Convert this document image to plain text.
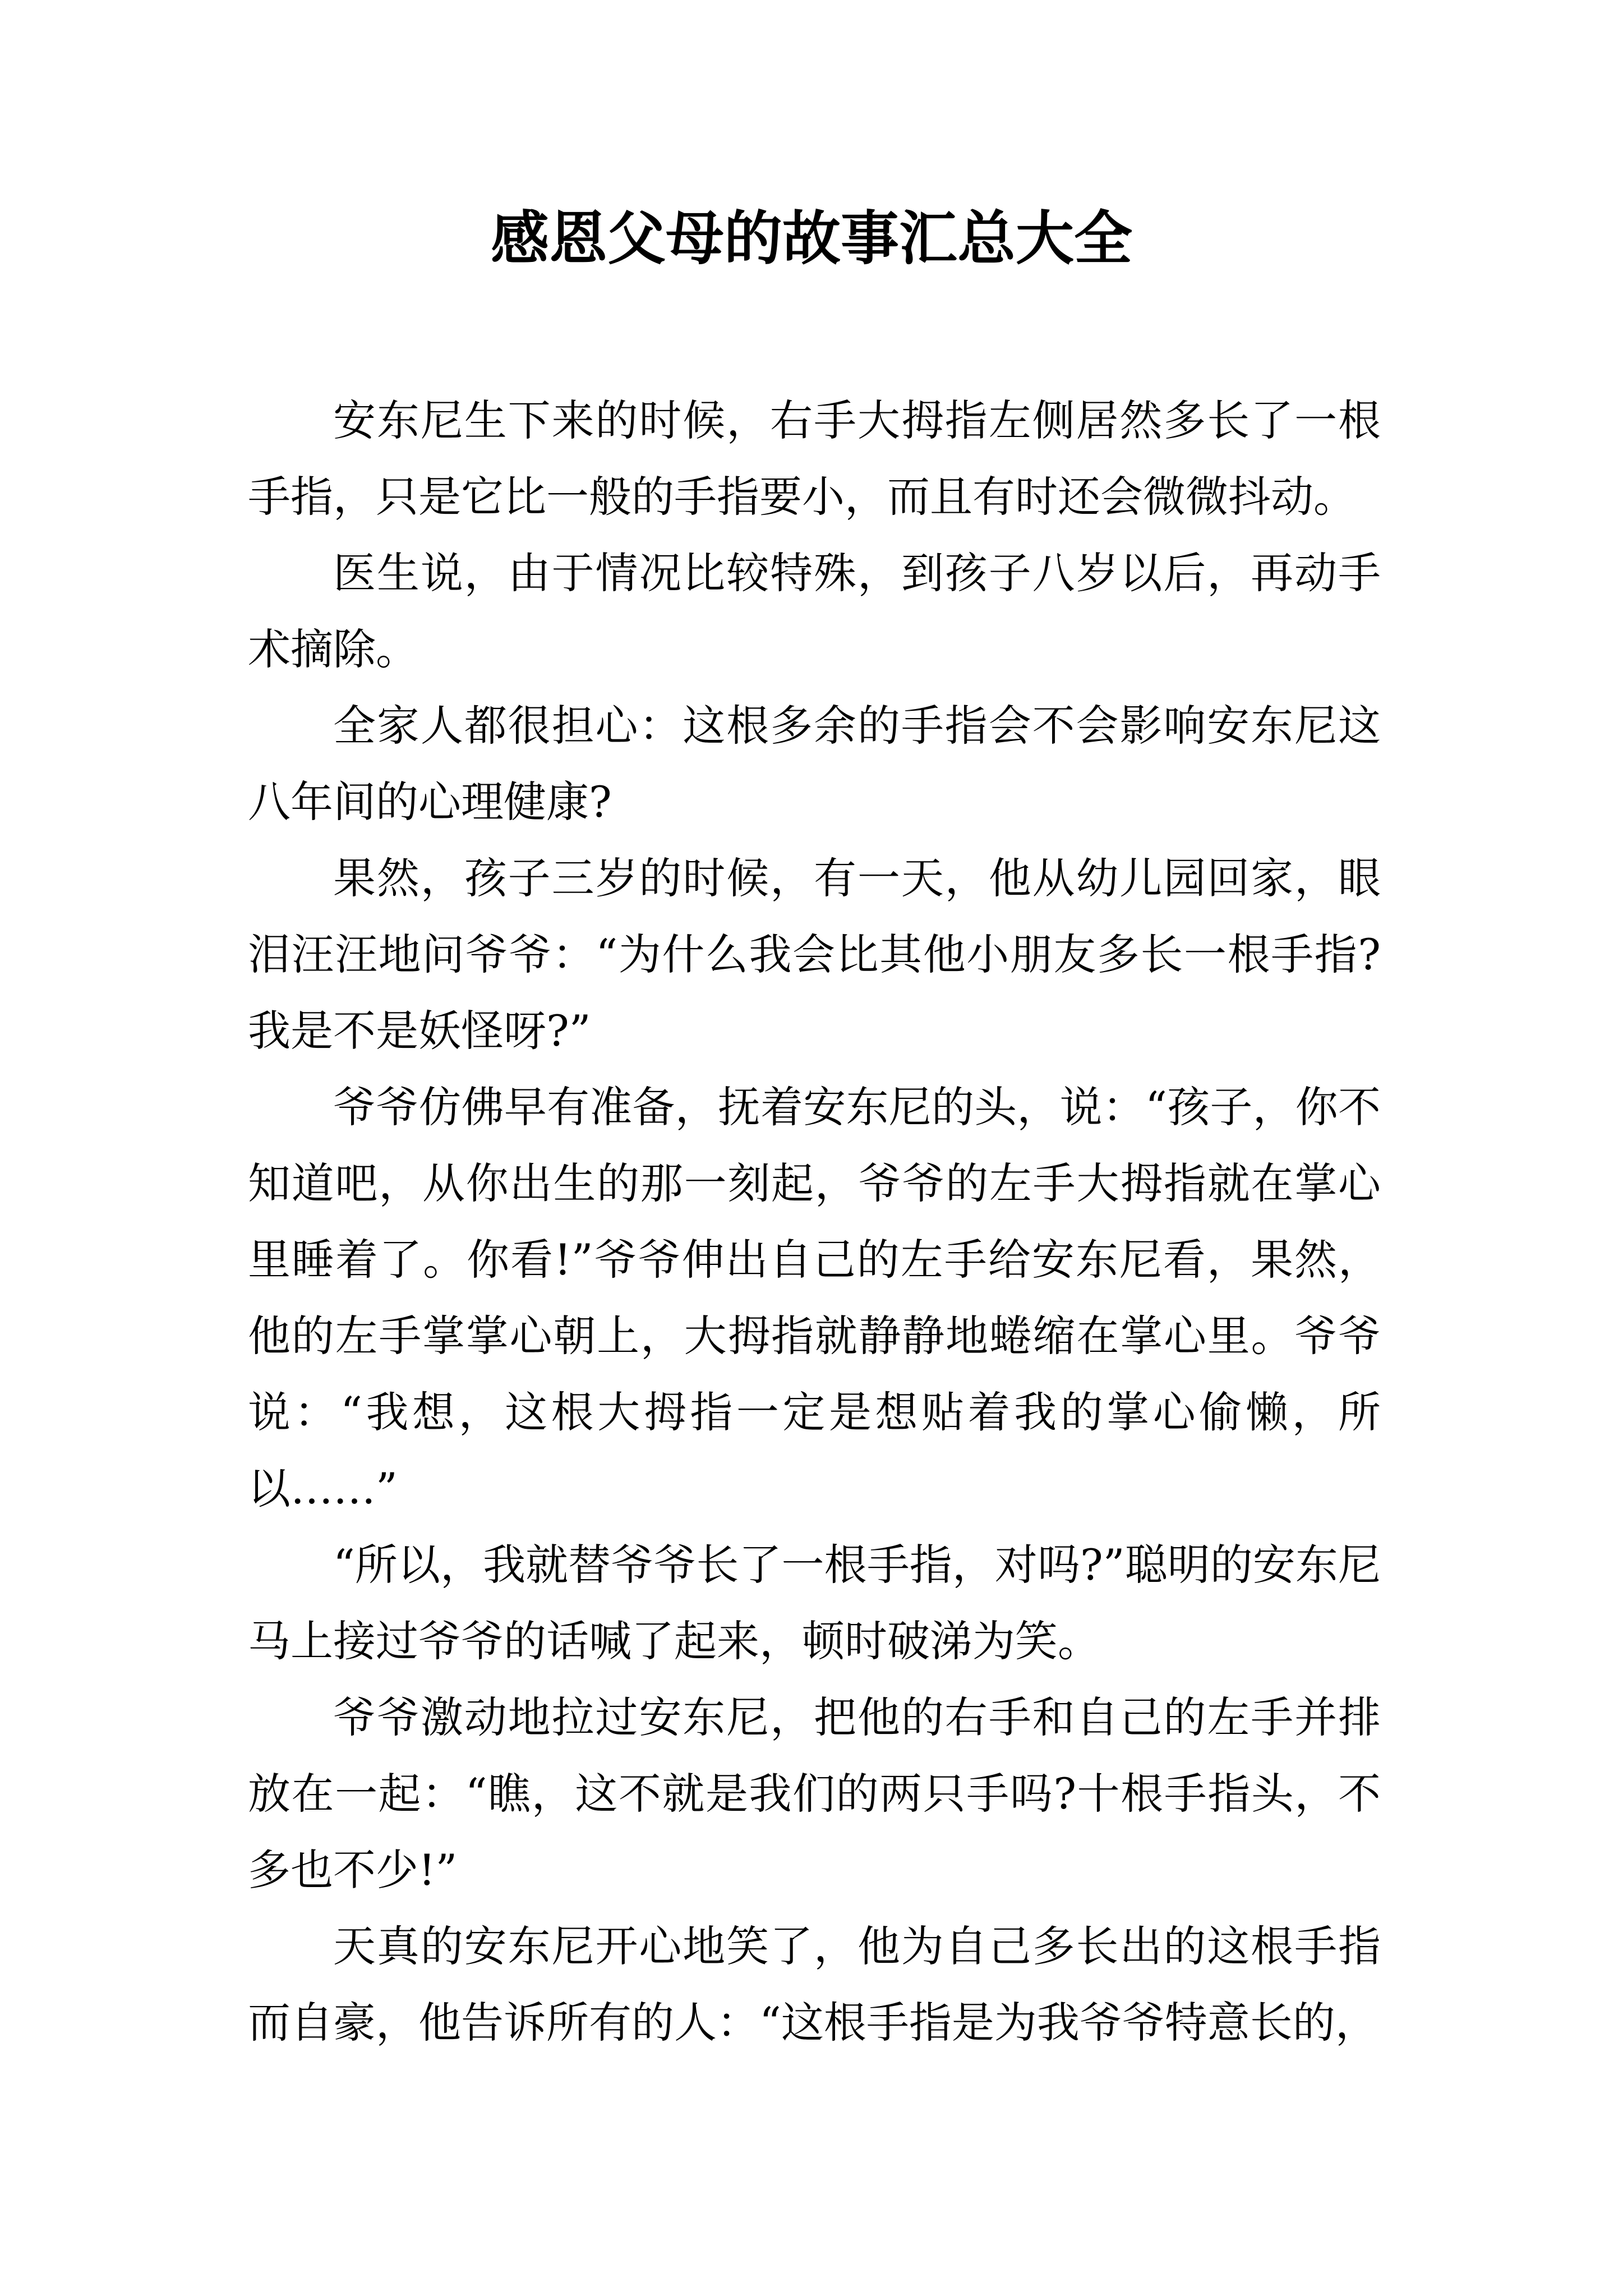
感恩父母的故事汇总大全

安东尼生下来的时候，右手大拇指左侧居然多长了一根手指，只是它比一般的手指要小，而且有时还会微微抖动。

医生说，由于情况比较特殊，到孩子八岁以后，再动手术摘除。

全家人都很担心：这根多余的手指会不会影响安东尼这八年间的心理健康?

果然，孩子三岁的时候，有一天，他从幼儿园回家，眼泪汪汪地问爷爷：“为什么我会比其他小朋友多长一根手指?我是不是妖怪呀?”

爷爷仿佛早有准备，抚着安东尼的头，说：“孩子，你不知道吧，从你出生的那一刻起，爷爷的左手大拇指就在掌心里睡着了。你看!”爷爷伸出自己的左手给安东尼看，果然，他的左手掌掌心朝上，大拇指就静静地蜷缩在掌心里。爷爷说：“我想，这根大拇指一定是想贴着我的掌心偷懒，所以……”

“所以，我就替爷爷长了一根手指，对吗?”聪明的安东尼马上接过爷爷的话喊了起来，顿时破涕为笑。

爷爷激动地拉过安东尼，把他的右手和自己的左手并排放在一起：“瞧，这不就是我们的两只手吗?十根手指头，不多也不少!”

天真的安东尼开心地笑了，他为自己多长出的这根手指而自豪，他告诉所有的人：“这根手指是为我爷爷特意长的，
